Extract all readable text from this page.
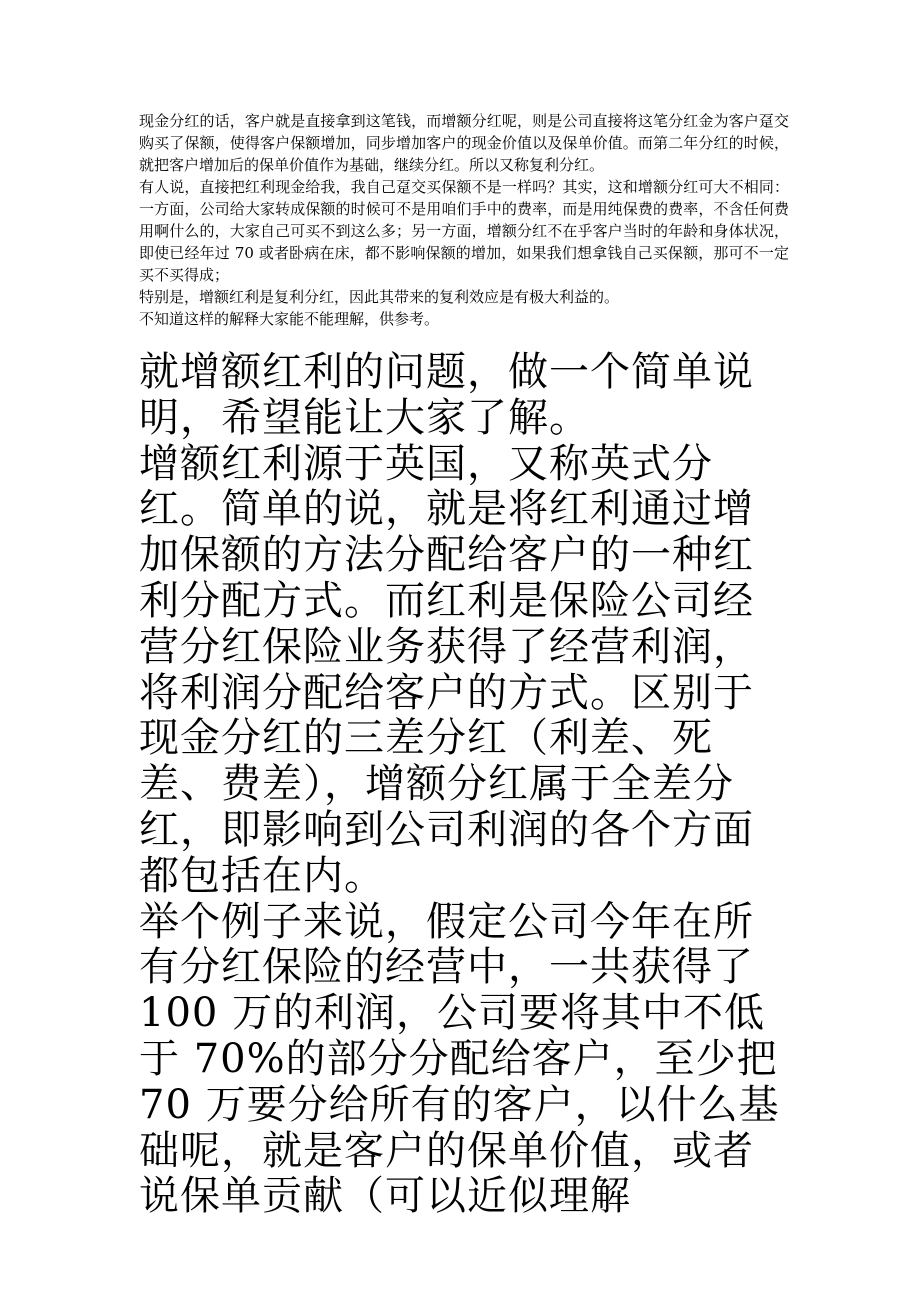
现金分红的话，客户就是直接拿到这笔钱，而增额分红呢，则是公司直接将这笔分红金为客户趸交购买了保额，使得客户保额增加，同步增加客户的现金价值以及保单价值。而第二年分红的时候，就把客户增加后的保单价值作为基础，继续分红。所以又称复利分红。

有人说，直接把红利现金给我，我自己趸交买保额不是一样吗？其实，这和增额分红可大不相同：一方面，公司给大家转成保额的时候可不是用咱们手中的费率，而是用纯保费的费率，不含任何费用啊什么的，大家自己可买不到这么多；另一方面，增额分红不在乎客户当时的年龄和身体状况，即使已经年过 70 或者卧病在床，都不影响保额的增加，如果我们想拿钱自己买保额，那可不一定买不买得成；

特别是，增额红利是复利分红，因此其带来的复利效应是有极大利益的。

不知道这样的解释大家能不能理解，供参考。

就增额红利的问题，做一个简单说明，希望能让大家了解。

增额红利源于英国，又称英式分红。简单的说，就是将红利通过增加保额的方法分配给客户的一种红利分配方式。而红利是保险公司经营分红保险业务获得了经营利润，将利润分配给客户的方式。区别于现金分红的三差分红（利差、死差、费差），增额分红属于全差分红，即影响到公司利润的各个方面都包括在内。

举个例子来说，假定公司今年在所有分红保险的经营中，一共获得了 100 万的利润，公司要将其中不低于 70%的部分分配给客户，至少把 70 万要分给所有的客户，以什么基础呢，就是客户的保单价值，或者说保单贡献（可以近似理解
